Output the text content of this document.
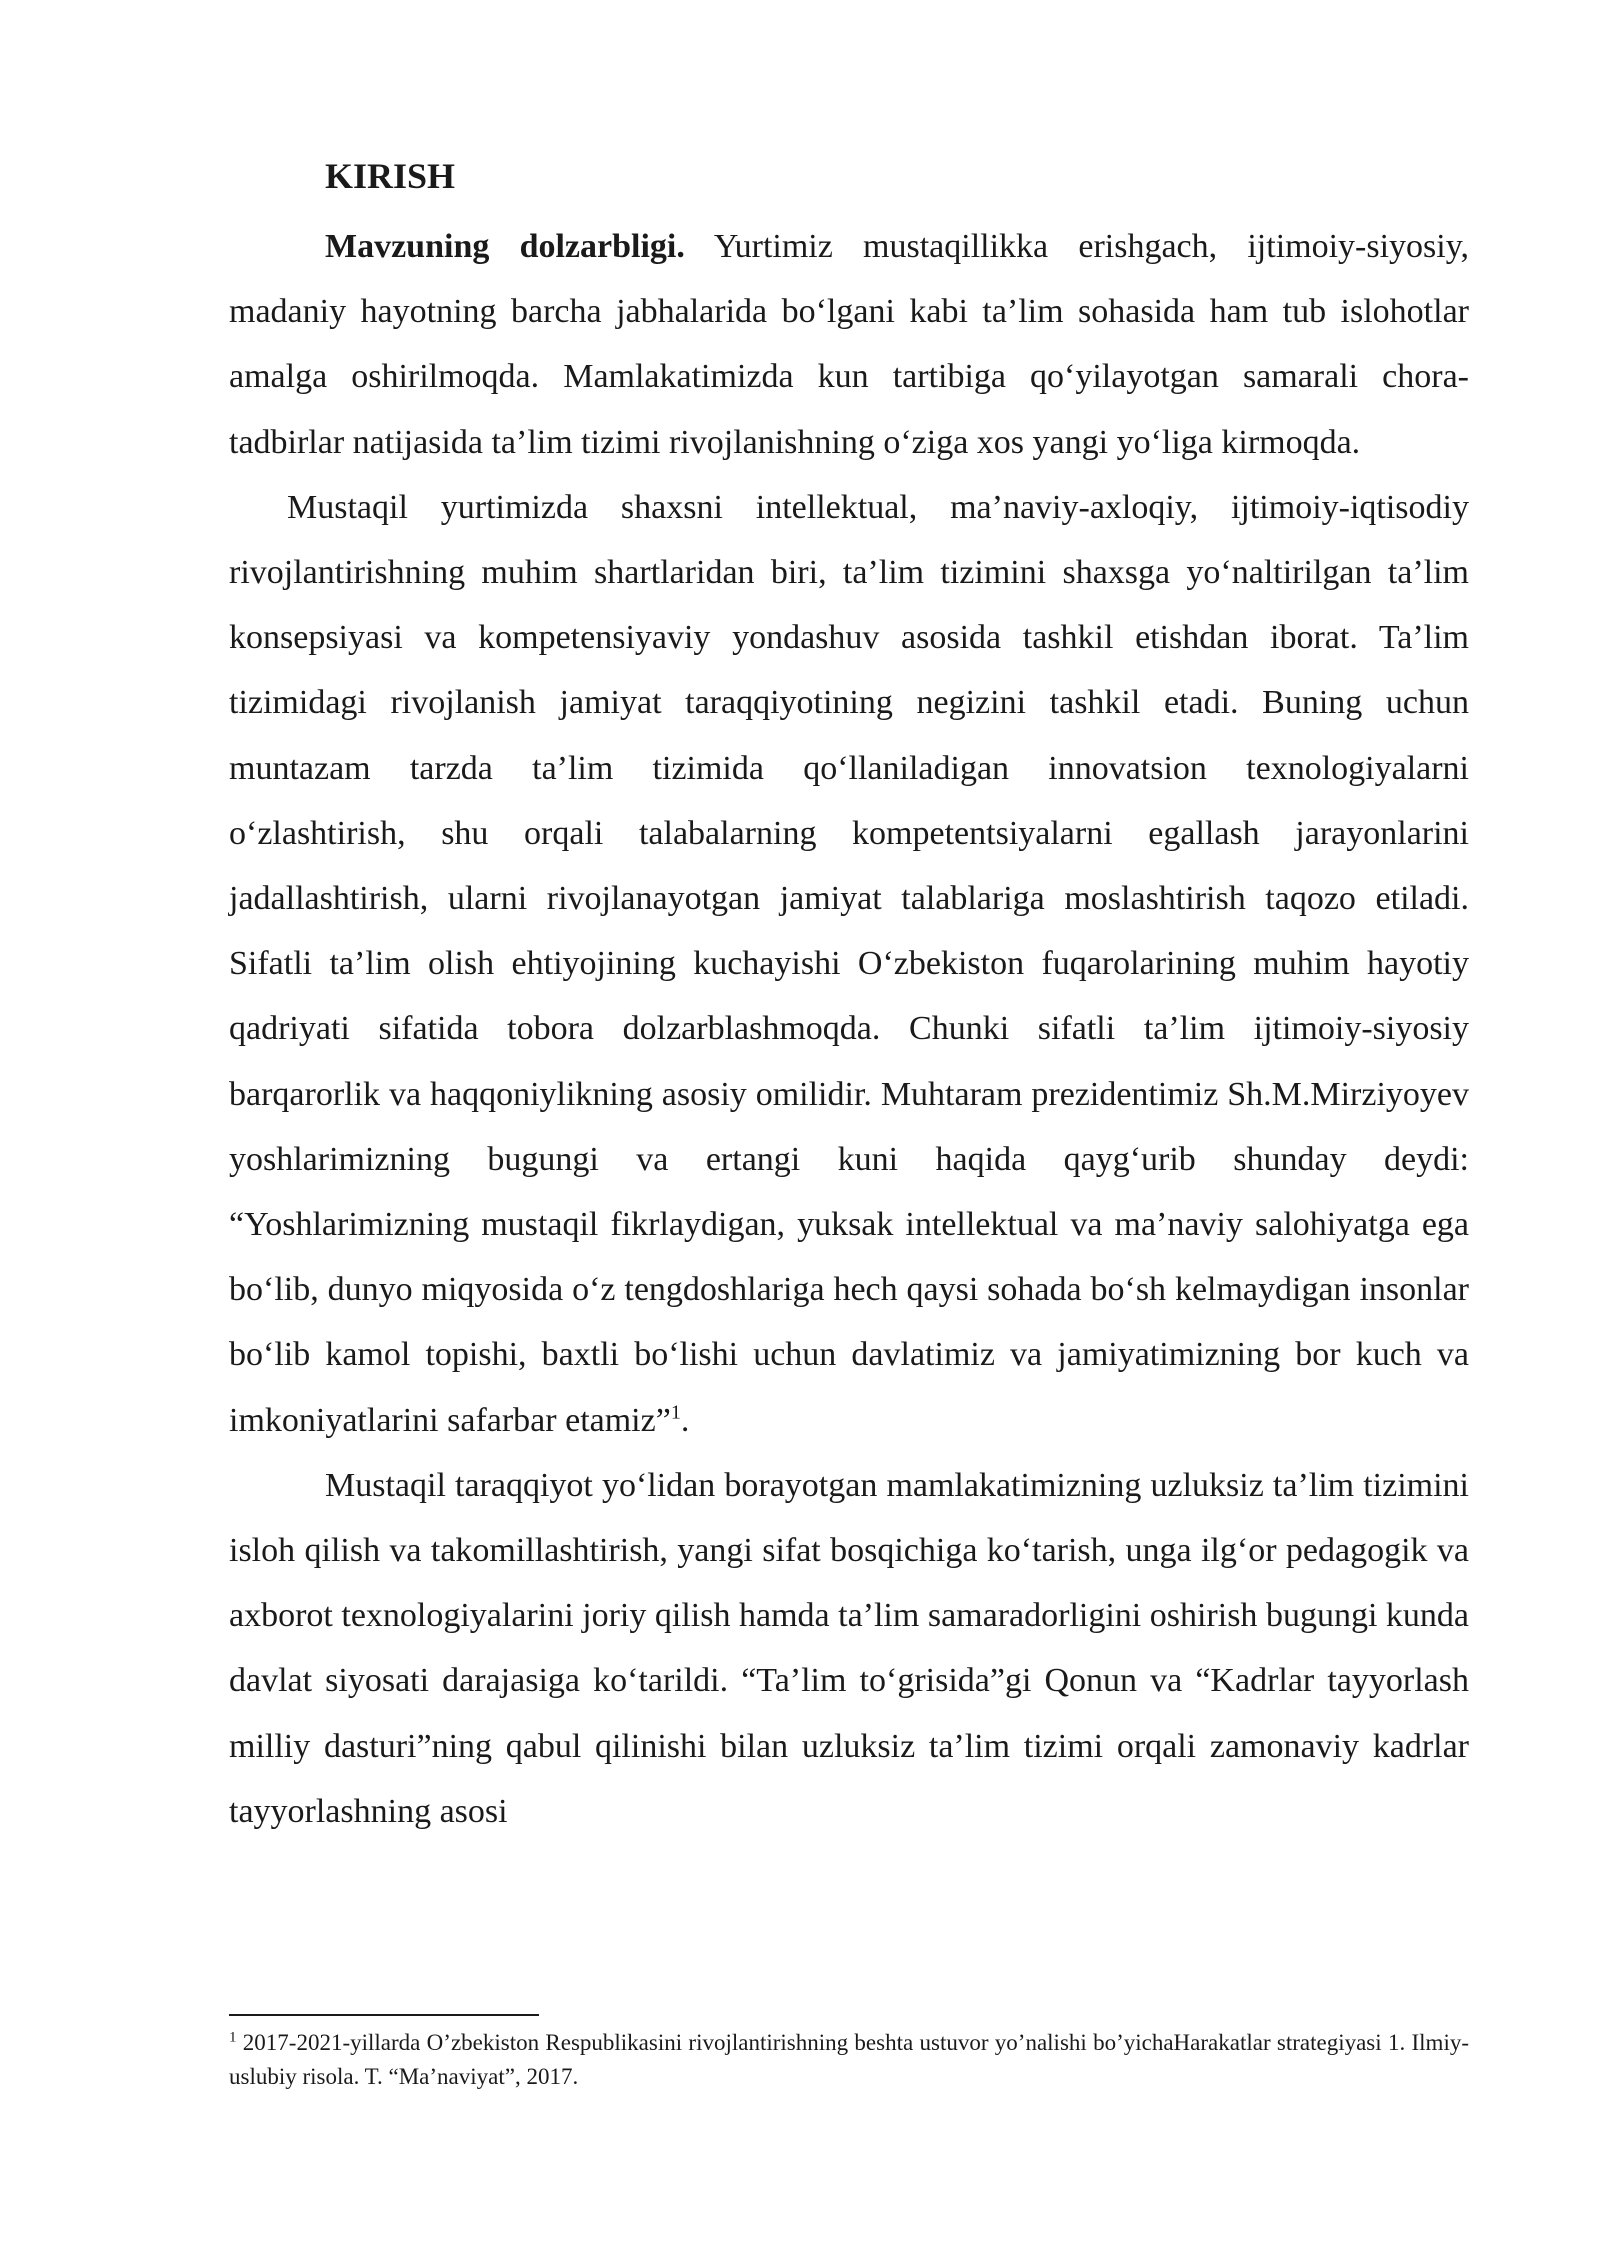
KIRISH

Mavzuning dolzarbligi. Yurtimiz mustaqillikka erishgach, ijtimoiy-siyosiy, madaniy hayotning barcha jabhalarida bo‘lgani kabi ta’lim sohasida ham tub islohotlar amalga oshirilmoqda. Mamlakatimizda kun tartibiga qo‘yilayotgan samarali chora-tadbirlar natijasida ta’lim tizimi rivojlanishning o‘ziga xos yangi yo‘liga kirmoqda.

Mustaqil yurtimizda shaxsni intellektual, ma’naviy-axloqiy, ijtimoiy-iqtisodiy rivojlantirishning muhim shartlaridan biri, ta’lim tizimini shaxsga yo‘naltirilgan ta’lim konsepsiyasi va kompetensiyaviy yondashuv asosida tashkil etishdan iborat. Ta’lim tizimidagi rivojlanish jamiyat taraqqiyotining negizini tashkil etadi. Buning uchun muntazam tarzda ta’lim tizimida qo‘llaniladigan innovatsion texnologiyalarni o‘zlashtirish, shu orqali talabalarning kompetentsiyalarni egallash jarayonlarini jadallashtirish, ularni rivojlanayotgan jamiyat talablariga moslashtirish taqozo etiladi. Sifatli ta’lim olish ehtiyojining kuchayishi O‘zbekiston fuqarolarining muhim hayotiy qadriyati sifatida tobora dolzarblashmoqda. Chunki sifatli ta’lim ijtimoiy-siyosiy barqarorlik va haqqoniylikning asosiy omilidir. Muhtaram prezidentimiz Sh.M.Mirziyoyev yoshlarimizning bugungi va ertangi kuni haqida qayg‘urib shunday deydi: “Yoshlarimizning mustaqil fikrlaydigan, yuksak intellektual va ma’naviy salohiyatga ega bo‘lib, dunyo miqyosida o‘z tengdoshlariga hech qaysi sohada bo‘sh kelmaydigan insonlar bo‘lib kamol topishi, baxtli bo‘lishi uchun davlatimiz va jamiyatimizning bor kuch va imkoniyatlarini safarbar etamiz”$^1$.

Mustaqil taraqqiyot yo‘lidan borayotgan mamlakatimizning uzluksiz ta’lim tizimini isloh qilish va takomillashtirish, yangi sifat bosqichiga ko‘tarish, unga ilg‘or pedagogik va axborot texnologiyalarini joriy qilish hamda ta’lim samaradorligini oshirish bugungi kunda davlat siyosati darajasiga ko‘tarildi. “Ta’lim to‘grisida”gi Qonun va “Kadrlar tayyorlash milliy dasturi”ning qabul qilinishi bilan uzluksiz ta’lim tizimi orqali zamonaviy kadrlar tayyorlashning asosi

$^1$ 2017-2021-yillarda O’zbekiston Respublikasini rivojlantirishning beshta ustuvor yo’nalishi bo’yichaHarakatlar strategiyasi 1. Ilmiy-uslubiy risola. T. “Ma’naviyat”, 2017.
